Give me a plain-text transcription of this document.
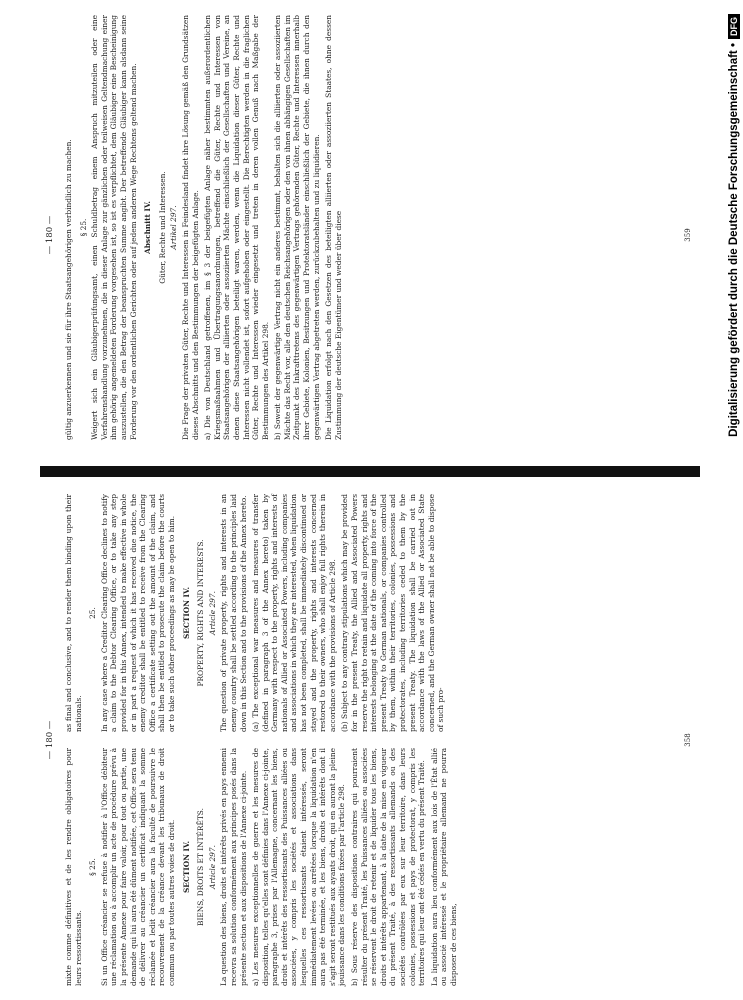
— 180 —

mixte comme définitives et de les rendre obligatoires pour leurs ressortissants.

§ 25. Si un Office créancier se refuse à notifier à l'Office débiteur une réclamation ou à accomplir un acte de procédure prévu à la présente Annexe pour faire valoir, pour tout ou partie, une demande qui lui aura été dûment notifiée, cet Office sera tenu de délivrer au créancier un certificat indiquant la somme réclamée et ledit créancier aura la faculté de poursuivre le recouvrement de la créance devant les tribunaux de droit commun ou par toutes autres voies de droit. SECTION IV. BIENS, DROITS ET INTÉRÊTS. Article 297. La question des biens, droits et intérêts privés en pays ennemi recevra sa solution conformément aux principes posés dans la présente section et aux dispositions de l'Annexe ci-jointe. a) Les mesures exceptionnelles de guerre et les mesures de disposition, telles qu'elles sont définies dans l'Annexe ci-jointe, paragraphe 3, prises par l'Allemagne, concernant les biens, droits et intérêts des ressortissants des Puissances alliées ou associées, y compris les sociétés et associations dans lesquelles ces ressortissants étaient intéressés, seront immédiatement levées ou arrêtées lorsque la liquidation n'en aura pas été terminée, et les biens, droits et intérêts dont il s'agit seront restitués aux ayants droit, qui en auront la pleine jouissance dans les conditions fixées par l'article 298. b) Sous réserve des dispositions contraires qui pourraient résulter du présent Traité, les Puissances alliées ou associées se réservent le droit de retenir et de liquider tous les biens, droits et intérêts appartenant, à la date de la mise en vigueur du présent Traité, à des ressortissants allemands ou des sociétés contrôlées par eux sur leur territoire, dans leurs colonies, possessions et pays de protectorat, y compris les territoires qui leur ont été cédés en vertu du présent Traité. La liquidation aura lieu conformément aux lois de l'État allié ou associé intéressé et le propriétaire allemand ne pourra disposer de ces biens,

as final and conclusive, and to render them binding upon their nationals.

25. In any case where a Creditor Clearing Office declines to notify a claim to the Debtor Clearing Office, or to take any step provided for in this Annex, intended to make effective in whole or in part a request of which it has received due notice, the enemy creditor shall be entitled to receive from the Clearing Office a certificate setting out the amount of the claim, and shall then be entitled to prosecute the claim before the courts or to take such other proceedings as may be open to him. SECTION IV. PROPERTY, RIGHTS AND INTERESTS. Article 297. The question of private property, rights and interests in an enemy country shall be settled according to the principles laid down in this Section and to the provisions of the Annex hereto. (a) The exceptional war measures and measures of transfer (defined in paragraph 3 of the Annex hereto) taken by Germany with respect to the property, rights and interests of nationals of Allied or Associated Powers, including companies and associations in which they are interested, when liquidation has not been completed, shall be immediately discontinued or stayed and the property, rights and interests concerned restored to their owners, who shall enjoy full rights therein in accordance with the provisions of Article 298. (b) Subject to any contrary stipulations which may be provided for in the present Treaty, the Allied and Associated Powers reserve the right to retain and liquidate all property, rights and interests belonging at the date of the coming into force of the present Treaty to German nationals, or companies controlled by them, within their territories, colonies, possessions and protectorates, including territories ceded to them by the present Treaty. The liquidation shall be carried out in accordance with the laws of the Allied or Associated State concerned, and the German owner shall not be able to dispose of such pro-

358
— 180 — gültig anzuerkennen und sie für ihre Staatsangehörigen verbindlich zu machen. § 25. Weigert sich ein Gläubigerprüfungsamt, einen Schuldbetrag einem Anspruch mitzuteilen oder eine Verfahrenshandlung vorzunehmen, die in dieser Anlage zur gänzlichen oder teilweisen Geltendmachung einer ihm gehörig angemeldeten Forderung vorgesehen ist, so ist es verpflichtet, dem Gläubiger eine Bescheinigung auszustellen, die den Betrag der beanspruchten Summe angibt. Der betreffende Gläubiger kann alsdann seine Forderung vor den ordentlichen Gerichten oder auf jedem anderen Wege Rechtens geltend machen. Abschnitt IV. Güter, Rechte und Interessen. Artikel 297. Die Frage der privaten Güter, Rechte und Interessen in Feindesland findet ihre Lösung gemäß den Grundsätzen dieses Abschnitts und den Bestimmungen der beigefügten Anlage. a) Die von Deutschland getroffenen, im § 3 der beigefügten Anlage näher bestimmten außerordentlichen Kriegsmaßnahmen und Übertragungsanordnungen, betreffend die Güter, Rechte und Interessen von Staatsangehörigen der alliierten oder assoziierten Mächte einschließlich der Gesellschaften und Vereine, an denen diese Staatsangehörigen beteiligt waren, werden, wenn die Liquidation dieser Güter, Rechte und Interessen nicht vollendet ist, sofort aufgehoben oder eingestellt. Die Berechtigten werden in die fraglichen Güter, Rechte und Interessen wieder eingesetzt und treten in deren vollen Genuß nach Maßgabe der Bestimmungen des Artikel 298. b) Soweit der gegenwärtige Vertrag nicht ein anderes bestimmt, behalten sich die alliierten oder assoziierten Mächte das Recht vor, alle den deutschen Reichsangehörigen oder den von ihnen abhängigen Gesellschaften im Zeitpunkt des Inkrafttretens des gegenwärtigen Vertrags gehörenden Güter, Rechte und Interessen innerhalb ihrer Gebiete, Kolonien, Besitzungen und Protektoratsländer einschließlich der Gebiete, die ihnen durch den gegenwärtigen Vertrag abgetreten werden, zurückzubehalten und zu liquidieren. Die Liquidation erfolgt nach den Gesetzen des beteiligten alliierten oder assoziierten Staates, ohne dessen Zustimmung der deutsche Eigentümer und weder über diese	359	Digitalisierung gefördert durch die Deutsche Forschungsgemeinschaft •DFG
